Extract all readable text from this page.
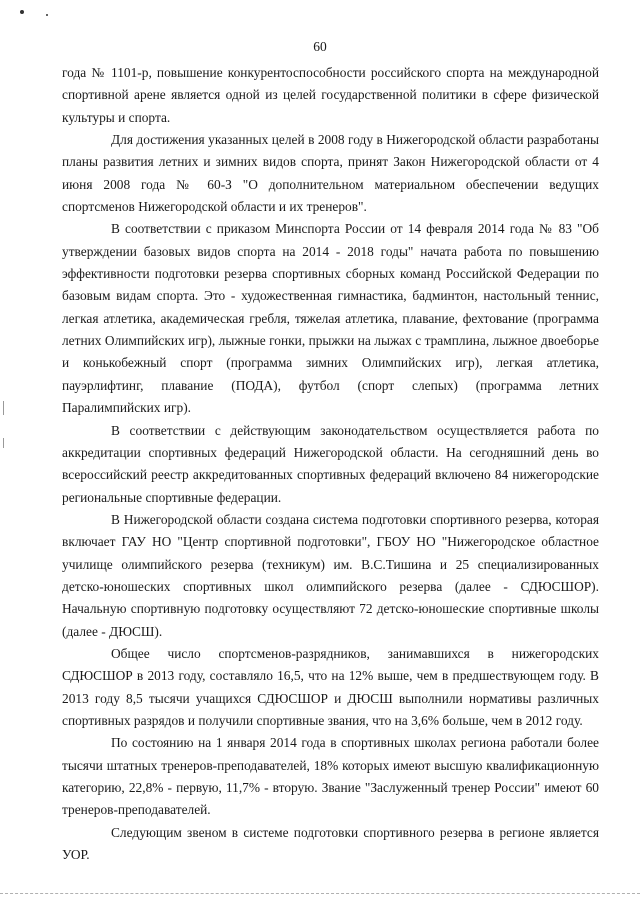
60

года № 1101-р, повышение конкурентоспособности российского спорта на международной спортивной арене является одной из целей государственной политики в сфере физической культуры и спорта.

Для достижения указанных целей в 2008 году в Нижегородской области разработаны планы развития летних и зимних видов спорта, принят Закон Нижегородской области от 4 июня 2008 года № 60-З "О дополнительном материальном обеспечении ведущих спортсменов Нижегородской области и их тренеров".

В соответствии с приказом Минспорта России от 14 февраля 2014 года № 83 "Об утверждении базовых видов спорта на 2014 - 2018 годы" начата работа по повышению эффективности подготовки резерва спортивных сборных команд Российской Федерации по базовым видам спорта. Это - художественная гимнастика, бадминтон, настольный теннис, легкая атлетика, академическая гребля, тяжелая атлетика, плавание, фехтование (программа летних Олимпийских игр), лыжные гонки, прыжки на лыжах с трамплина, лыжное двоеборье и конькобежный спорт (программа зимних Олимпийских игр), легкая атлетика, пауэрлифтинг, плавание (ПОДА), футбол (спорт слепых) (программа летних Паралимпийских игр).

В соответствии с действующим законодательством осуществляется работа по аккредитации спортивных федераций Нижегородской области. На сегодняшний день во всероссийский реестр аккредитованных спортивных федераций включено 84 нижегородские региональные спортивные федерации.

В Нижегородской области создана система подготовки спортивного резерва, которая включает ГАУ НО "Центр спортивной подготовки", ГБОУ НО "Нижегородское областное училище олимпийского резерва (техникум) им. В.С.Тишина и 25 специализированных детско-юношеских спортивных школ олимпийского резерва (далее - СДЮСШОР). Начальную спортивную подготовку осуществляют 72 детско-юношеские спортивные школы (далее - ДЮСШ).

Общее число спортсменов-разрядников, занимавшихся в нижегородских СДЮСШОР в 2013 году, составляло 16,5, что на 12% выше, чем в предшествующем году. В 2013 году 8,5 тысячи учащихся СДЮСШОР и ДЮСШ выполнили нормативы различных спортивных разрядов и получили спортивные звания, что на 3,6% больше, чем в 2012 году.

По состоянию на 1 января 2014 года в спортивных школах региона работали более тысячи штатных тренеров-преподавателей, 18% которых имеют высшую квалификационную категорию, 22,8% - первую, 11,7% - вторую. Звание "Заслуженный тренер России" имеют 60 тренеров-преподавателей.

Следующим звеном в системе подготовки спортивного резерва в регионе является УОР.
